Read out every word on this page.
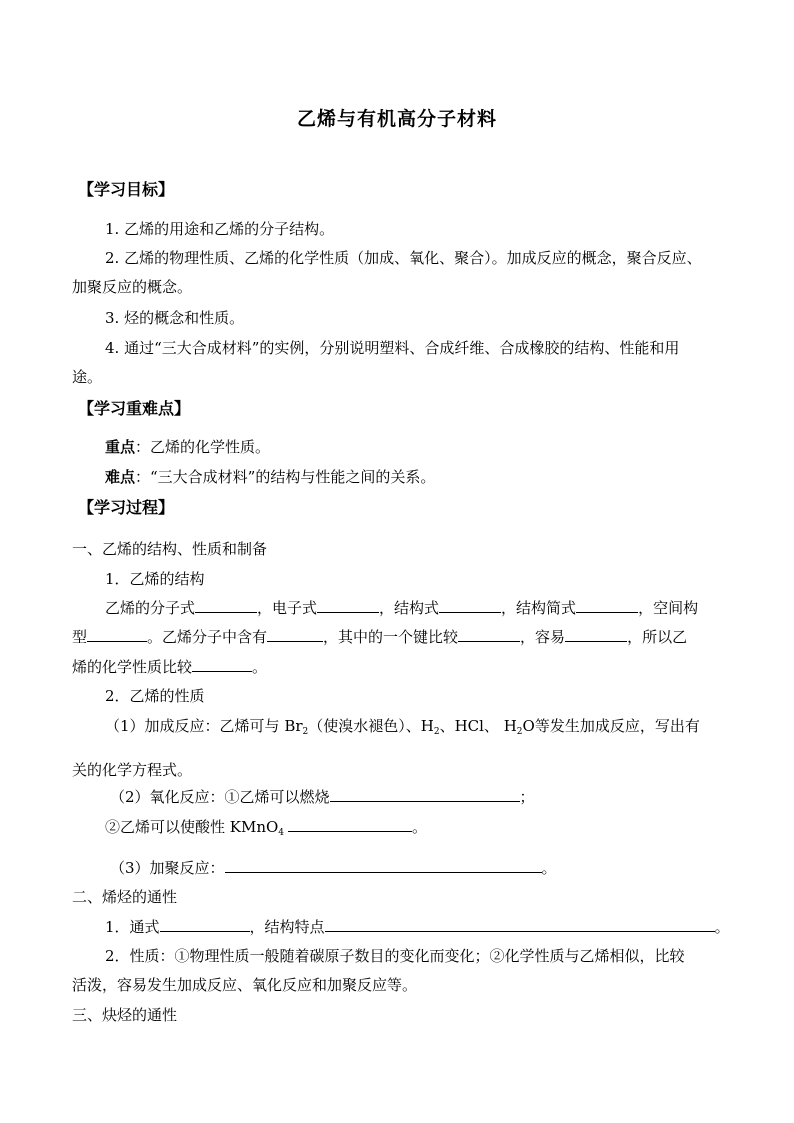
乙烯与有机高分子材料
【学习目标】
1. 乙烯的用途和乙烯的分子结构。
2. 乙烯的物理性质、乙烯的化学性质（加成、氧化、聚合）。加成反应的概念，聚合反应、
加聚反应的概念。
3. 烃的概念和性质。
4. 通过“三大合成材料”的实例，分别说明塑料、合成纤维、合成橡胶的结构、性能和用
途。
【学习重难点】
重点：乙烯的化学性质。
难点：“三大合成材料”的结构与性能之间的关系。
【学习过程】
一、乙烯的结构、性质和制备
1．乙烯的结构
乙烯的分子式	，电子式	，结构式	，结构简式	，空间构
型	。乙烯分子中含有	，其中的一个键比较	，容易	，所以乙
烯的化学性质比较	。
2．乙烯的性质
（1）加成反应：乙烯可与 $Br_2$（使溴水褪色）、$H_2$、HCl、 $H_2O$等发生加成反应，写出有
关的化学方程式。
（2）氧化反应：①乙烯可以燃烧	；
②乙烯可以使酸性 KMnO$_4$	。
（3）加聚反应：	。
二、烯烃的通性
1．通式	，结构特点	。
2．性质：①物理性质一般随着碳原子数目的变化而变化；②化学性质与乙烯相似，比较
活泼，容易发生加成反应、氧化反应和加聚反应等。
三、炔烃的通性
